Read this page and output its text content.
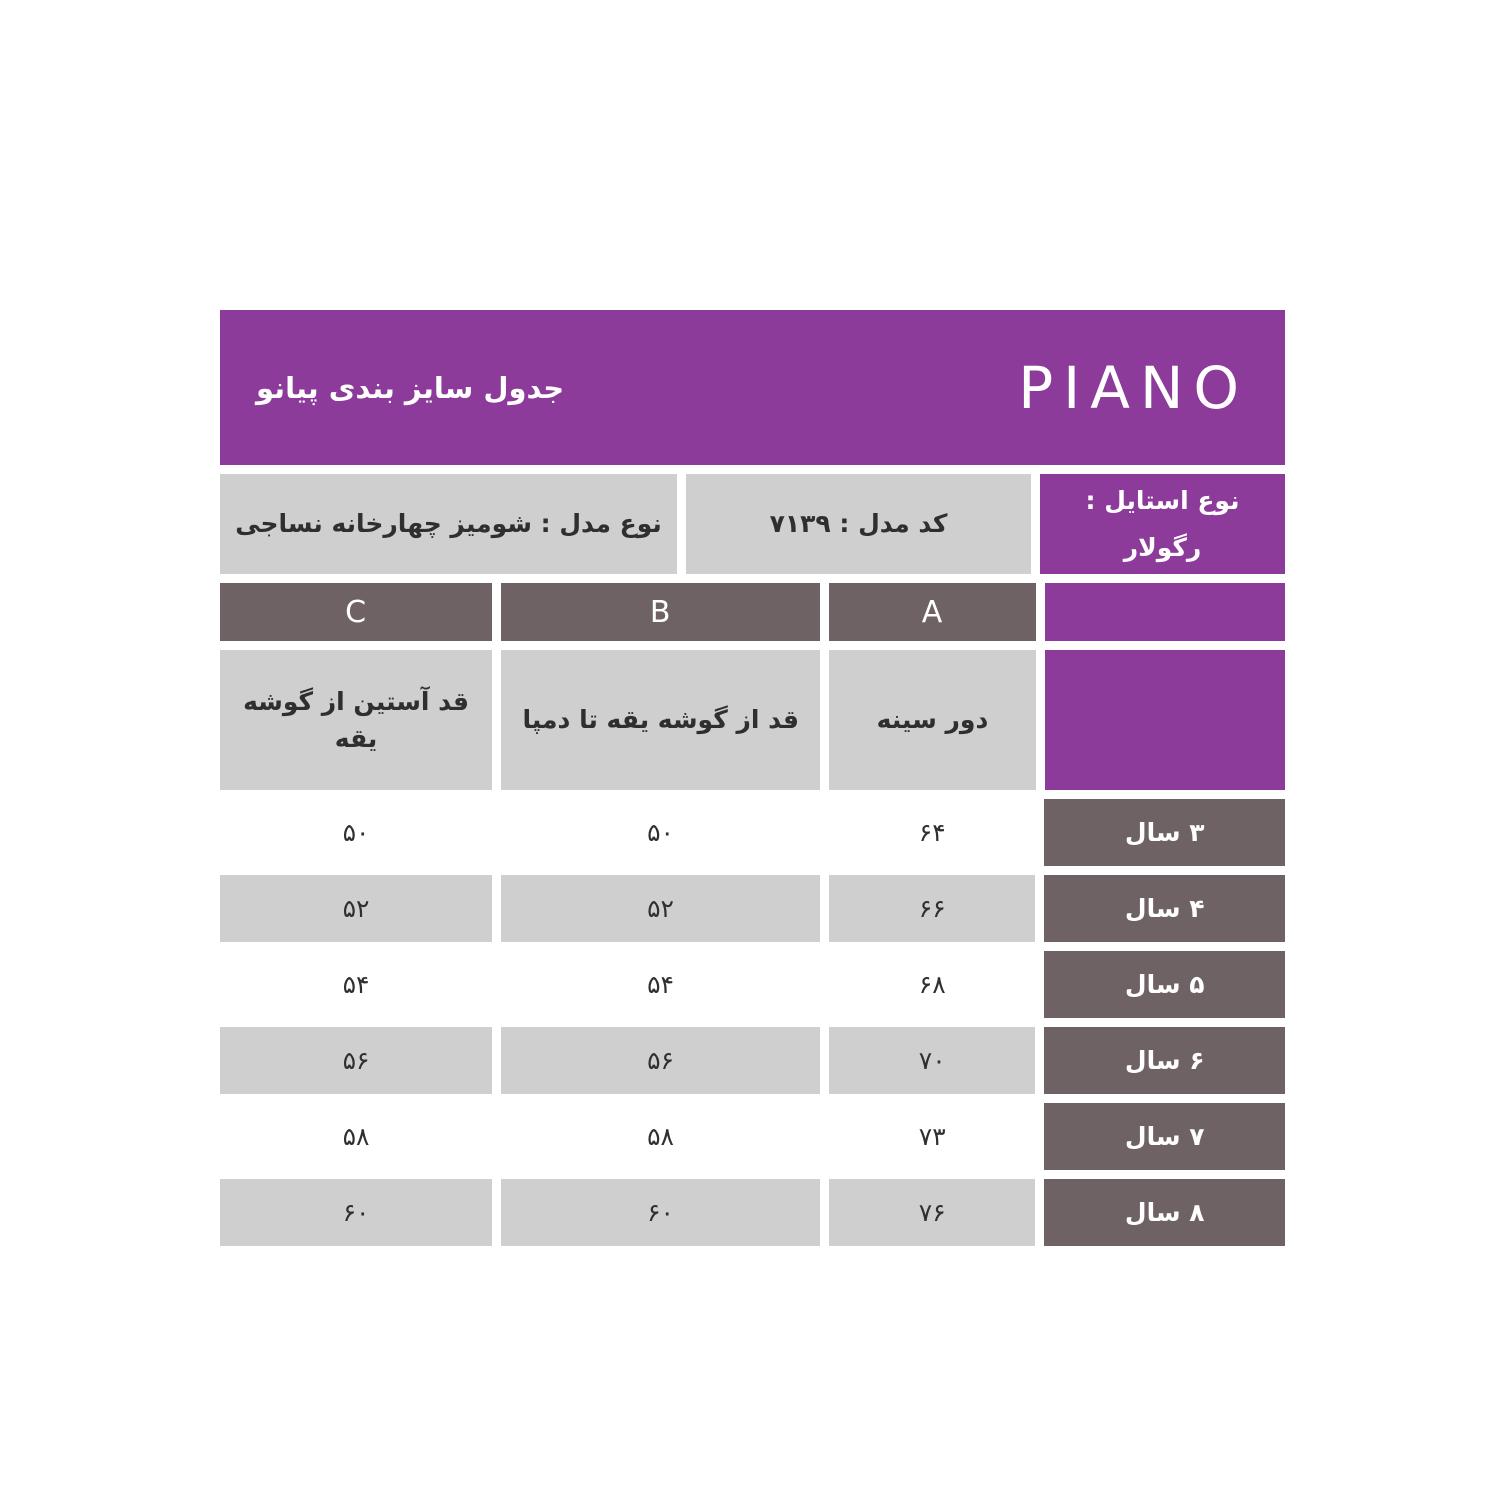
PIANO
جدول سایز بندی پیانو
نوع استایل :
رگولار
کد مدل : ۷۱۳۹
نوع مدل : شومیز چهارخانه نساجی
A
B
C
دور سینه
قد از گوشه یقه تا دمپا
قد آستین از گوشه یقه
۳ سال
۶۴
۵۰
۵۰
۴ سال
۶۶
۵۲
۵۲
۵ سال
۶۸
۵۴
۵۴
۶ سال
۷۰
۵۶
۵۶
۷ سال
۷۳
۵۸
۵۸
۸ سال
۷۶
۶۰
۶۰
